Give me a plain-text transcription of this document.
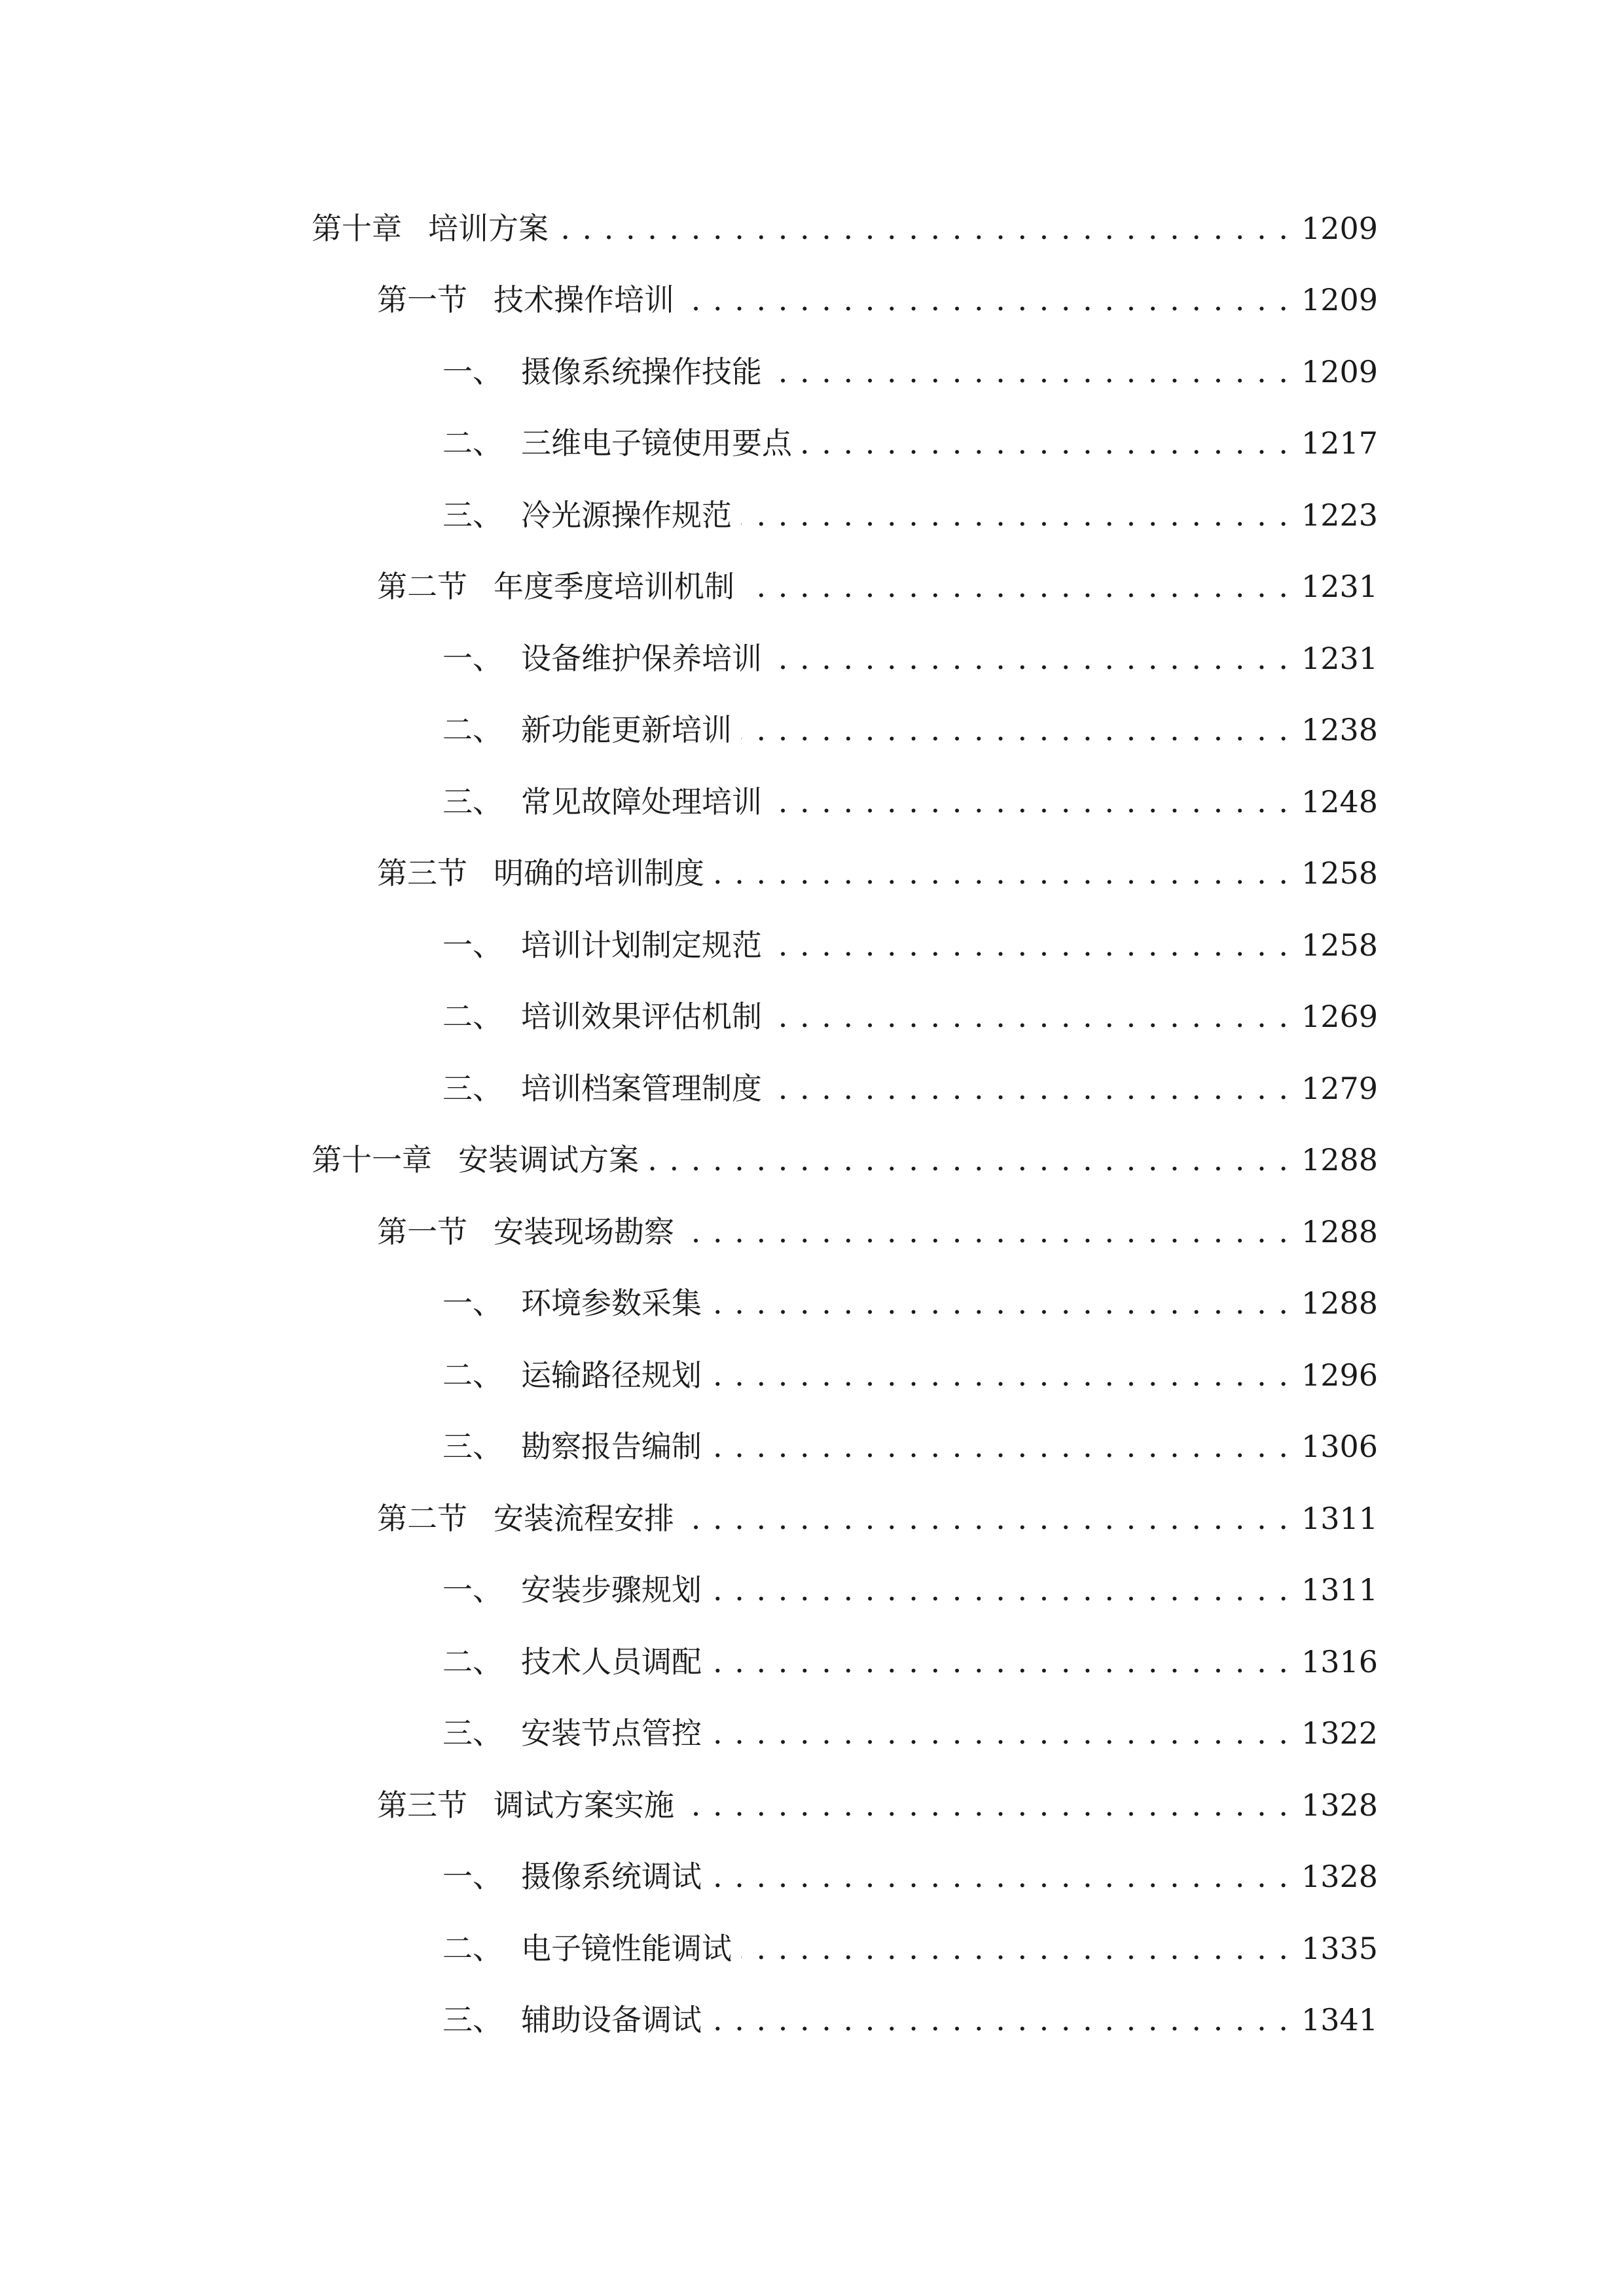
第十章 培训方案 . . .	1209
第一节 技术操作培训 . . .	1209
一、 摄像系统操作技能 . . .	1209
二、 三维电子镜使用要点 . . .	1217
三、 冷光源操作规范 . . .	1223
第二节 年度季度培训机制 . . .	1231
一、 设备维护保养培训 . . .	1231
二、 新功能更新培训 . . .	1238
三、 常见故障处理培训 . . .	1248
第三节 明确的培训制度 . . .	1258
一、 培训计划制定规范 . . .	1258
二、 培训效果评估机制 . . .	1269
三、 培训档案管理制度 . . .	1279
第十一章 安装调试方案 . . .	1288
第一节 安装现场勘察 . . .	1288
一、 环境参数采集 . . .	1288
二、 运输路径规划 . . .	1296
三、 勘察报告编制 . . .	1306
第二节 安装流程安排 . . .	1311
一、 安装步骤规划 . . .	1311
二、 技术人员调配 . . .	1316
三、 安装节点管控 . . .	1322
第三节 调试方案实施 . . .	1328
一、 摄像系统调试 . . .	1328
二、 电子镜性能调试 . . .	1335
三、 辅助设备调试 . . .	1341
